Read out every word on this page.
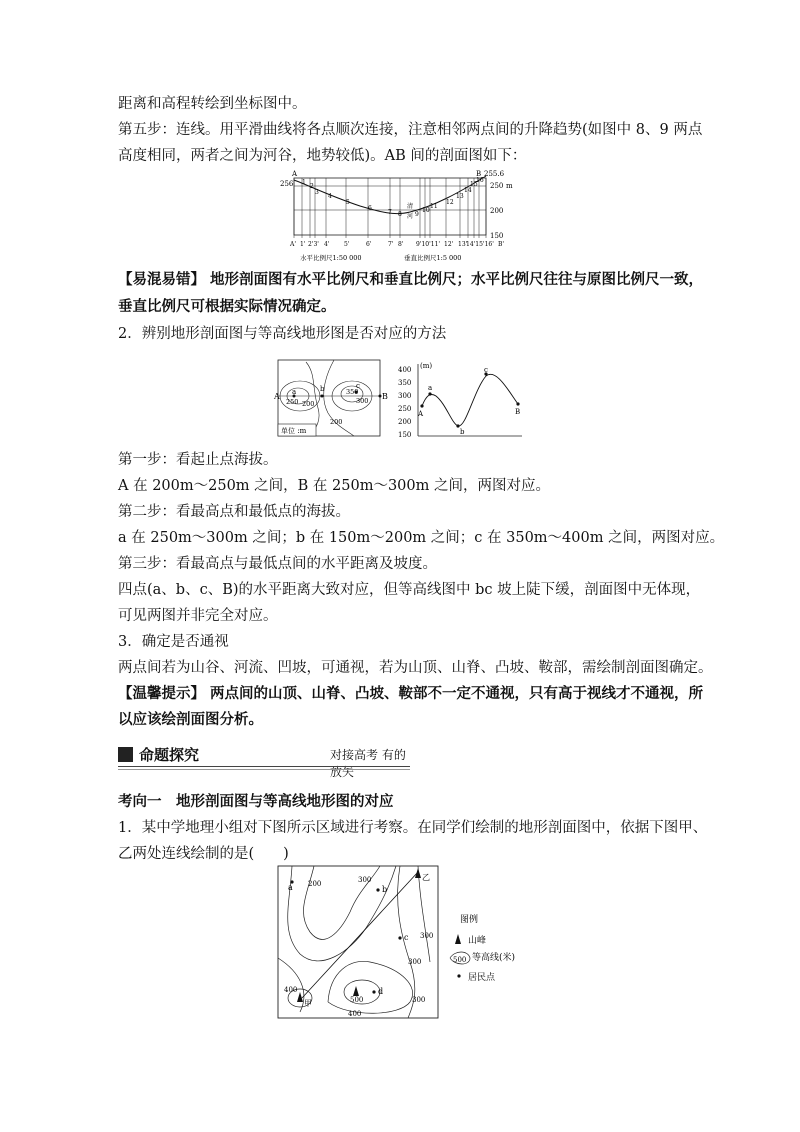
距离和高程转绘到坐标图中。
第五步：连线。用平滑曲线将各点顺次连接，注意相邻两点间的升降趋势(如图中 8、9 两点
高度相同，两者之间为河谷，地势较低)。AB 间的剖面图如下：
A
256
B 255.6
m
250
200
150
1
2
3
4
5
6
7 8 9
10
11
12
13
14
15
16
清
河
A' 1' 2'3' 4' 5'	6'	7' 8' 9'10'11' 12' 13'
14'15'16' B'
水平比例尺1:50 000	垂直比例尺1:5 000
【易混易错】 地形剖面图有水平比例尺和垂直比例尺；水平比例尺往往与原图比例尺一致，
垂直比例尺可根据实际情况确定。
2．辨别地形剖面图与等高线地形图是否对应的方法
A a	b	c
B
250 200
350
300
200
单位 :m
(m)
400
350
300
250
200
150
A
a
b
c
B
第一步：看起止点海拔。
A 在 200m～250m 之间，B 在 250m～300m 之间，两图对应。
第二步：看最高点和最低点的海拔。
a 在 250m～300m 之间；b 在 150m～200m 之间；c 在 350m～400m 之间，两图对应。
第三步：看最高点与最低点间的水平距离及坡度。
四点(a、b、c、B)的水平距离大致对应，但等高线图中 bc 坡上陡下缓，剖面图中无体现，
可见两图并非完全对应。
3．确定是否通视
两点间若为山谷、河流、凹坡，可通视，若为山顶、山脊、凸坡、鞍部，需绘制剖面图确定。
【温馨提示】 两点间的山顶、山脊、凸坡、鞍部不一定不通视，只有高于视线才不通视，所
以应该绘剖面图分析。
命题探究	对接高考 有的放矢
考向一　地形剖面图与等高线地形图的对应
1．某中学地理小组对下图所示区域进行考察。在同学们绘制的地形剖面图中，依据下图甲、
乙两处连线绘制的是(　　)
a	b
c
d
甲
乙
200	300
300
300
400
500
400
300
图例
山峰
500 等高线(米)
居民点
